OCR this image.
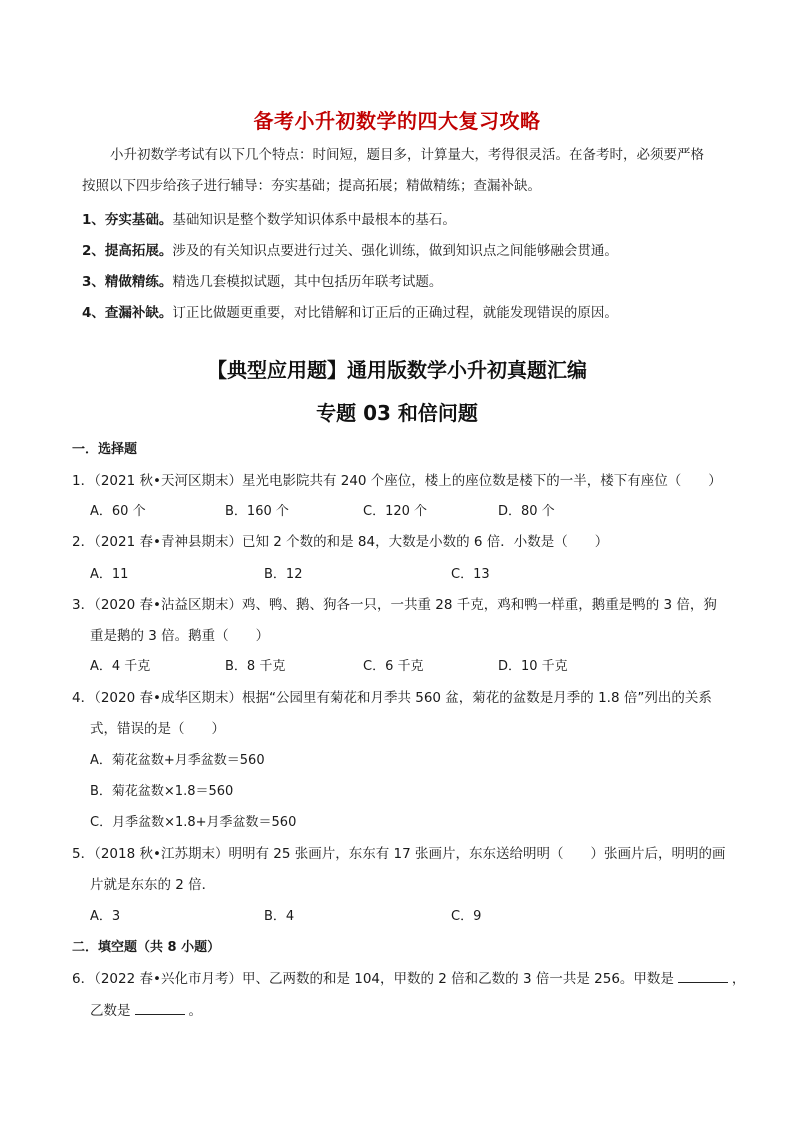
备考小升初数学的四大复习攻略
小升初数学考试有以下几个特点：时间短，题目多，计算量大，考得很灵活。在备考时，必须要严格
按照以下四步给孩子进行辅导：夯实基础；提高拓展；精做精练；查漏补缺。
1、夯实基础。基础知识是整个数学知识体系中最根本的基石。
2、提高拓展。涉及的有关知识点要进行过关、强化训练，做到知识点之间能够融会贯通。
3、精做精练。精选几套模拟试题，其中包括历年联考试题。
4、查漏补缺。订正比做题更重要，对比错解和订正后的正确过程，就能发现错误的原因。
【典型应用题】通用版数学小升初真题汇编
专题 03 和倍问题
一．选择题
1．（2021 秋•天河区期末）星光电影院共有 240 个座位，楼上的座位数是楼下的一半，楼下有座位（　　）
A．60 个	B．160 个	C．120 个	D．80 个
2．（2021 春•青神县期末）已知 2 个数的和是 84，大数是小数的 6 倍．小数是（　　）
A．11	B．12	C．13
3．（2020 春•沾益区期末）鸡、鸭、鹅、狗各一只，一共重 28 千克，鸡和鸭一样重，鹅重是鸭的 3 倍，狗
重是鹅的 3 倍。鹅重（　　）
A．4 千克	B．8 千克	C．6 千克	D．10 千克
4．（2020 春•成华区期末）根据“公园里有菊花和月季共 560 盆，菊花的盆数是月季的 1.8 倍”列出的关系
式，错误的是（　　）
A．菊花盆数+月季盆数＝560
B．菊花盆数×1.8＝560
C．月季盆数×1.8+月季盆数＝560
5．（2018 秋•江苏期末）明明有 25 张画片，东东有 17 张画片，东东送给明明（　　）张画片后，明明的画
片就是东东的 2 倍．
A．3	B．4	C．9
二．填空题（共 8 小题）
6．（2022 春•兴化市月考）甲、乙两数的和是 104，甲数的 2 倍和乙数的 3 倍一共是 256。甲数是	，
乙数是	。
